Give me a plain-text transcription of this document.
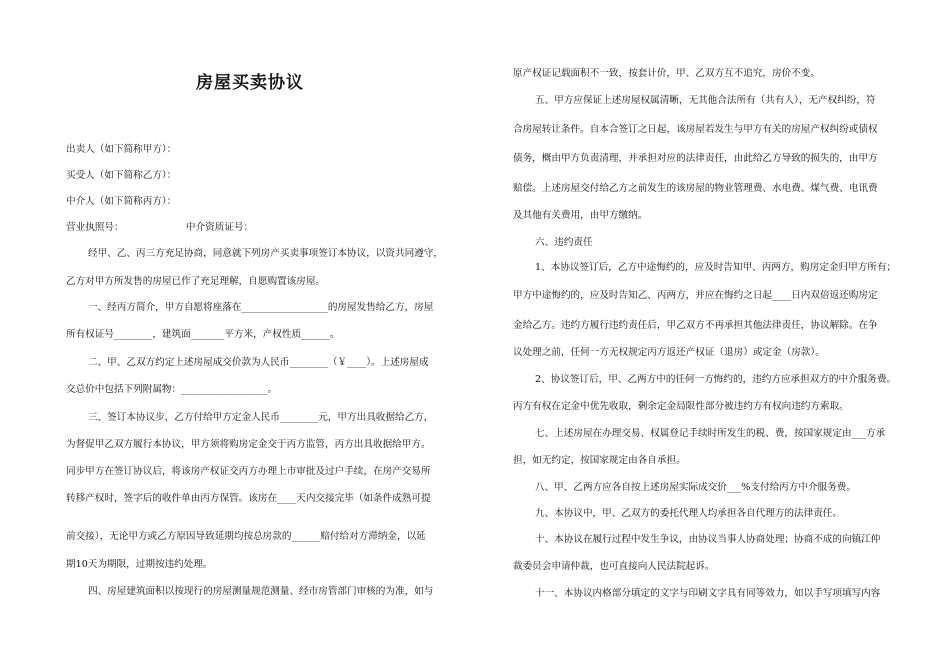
房屋买卖协议
出卖人（如下简称甲方）：
买受人（如下简称乙方）：
中介人（如下简称丙方）：
营业执照号：　　　　　　　中介资质证号：
经甲、乙、丙三方充足协商，同意就下列房产买卖事项签订本协议，以资共同遵守，
乙方对甲方所发售的房屋已作了充足理解，自愿购置该房屋。
一、经丙方简介，甲方自愿将座落在__________________的房屋发售给乙方，房屋
所有权证号________，建筑面_______平方米，产权性质______。
二、甲、乙双方约定上述房屋成交价款为人民币________（￥____）。上述房屋成
交总价中包括下列附属物：__________________。
三、签订本协议步，乙方付给甲方定金人民币________元，甲方出具收据给乙方，
为督促甲乙双方履行本协议，甲方须将购房定金交于丙方监管，丙方出具收据给甲方。
同步甲方在签订协议后，将该房产权证交丙方办理上市审批及过户手续，在房产交易所
转移产权时，签字后的收件单由丙方保管。该房在____天内交接完毕（如条件成熟可提
前交接），无论甲方或乙方原因导致延期均按总房款的______赔付给对方滞纳金，以延
期10天为期限，过期按违约处理。
四、房屋建筑面积以按现行的房屋测量规范测量、经市房管部门审核的为准，如与
原产权证记载面积不一致，按套计价，甲、乙双方互不追究，房价不变。
五、甲方应保证上述房屋权属清晰，无其他合法所有（共有人），无产权纠纷，符
合房屋转让条件。自本合签订之日起，该房屋若发生与甲方有关的房屋产权纠纷或债权
债务，概由甲方负责清理，并承担对应的法律责任，由此给乙方导致的损失的，由甲方
赔偿。上述房屋交付给乙方之前发生的该房屋的物业管理费、水电费、煤气费、电讯费
及其他有关费用，由甲方缴纳。
六、违约责任
1、本协议签订后，乙方中途悔约的，应及时告知甲、丙两方，购房定金归甲方所有；
甲方中途悔约的，应及时告知乙、丙两方，并应在悔约之日起____日内双倍返还购房定
金给乙方。违约方履行违约责任后，甲乙双方不再承担其他法律责任，协议解除。在争
议处理之前，任何一方无权规定丙方返还产权证（退房）或定金（房款）。
2、协议签订后，甲、乙两方中的任何一方悔约的，违约方应承担双方的中介服务费。
丙方有权在定金中优先收取，剩余定金局限性部分被违约方有权向违约方索取。
七、上述房屋在办理交易、权属登记手续时所发生的税、费，按国家规定由___方承
担，如无约定，按国家规定由各自承担。
八、甲、乙两方应各自按上述房屋实际成交价___%支付给丙方中介服务费。
九、本协议中，甲、乙双方的委托代理人均承担各自代理方的法律责任。
十、本协议在履行过程中发生争议，由协议当事人协商处理；协商不成的向镇江仲
裁委员会申请仲裁，也可直接向人民法院起诉。
十一、本协议内格部分填定的文字与印刷文字具有同等效力，如以手写项填写内容
